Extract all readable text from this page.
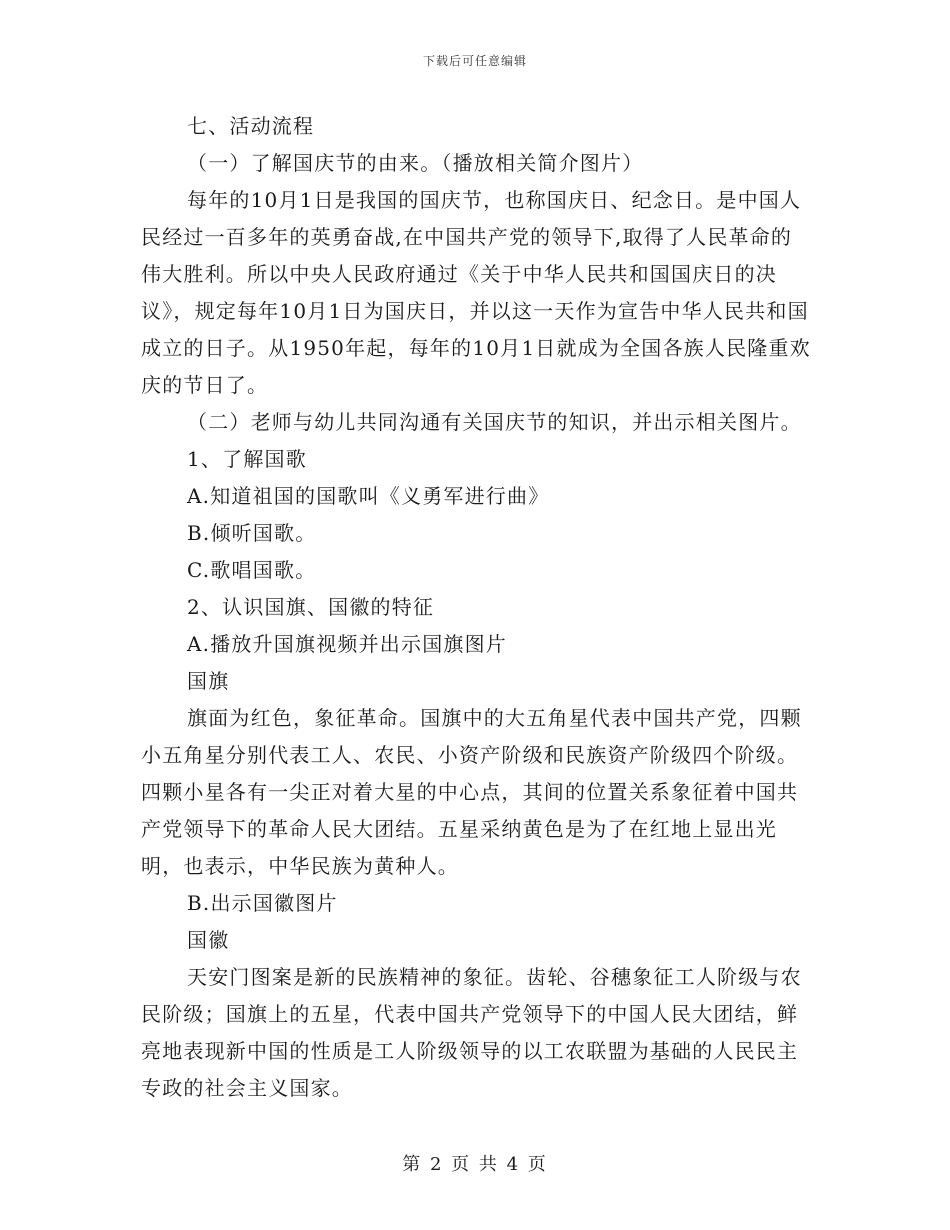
下载后可任意编辑

七、活动流程

（一）了解国庆节的由来。（播放相关简介图片）

每年的10月1日是我国的国庆节，也称国庆日、纪念日。是中国人民经过一百多年的英勇奋战,在中国共产党的领导下,取得了人民革命的伟大胜利。所以中央人民政府通过《关于中华人民共和国国庆日的决议》，规定每年10月1日为国庆日，并以这一天作为宣告中华人民共和国成立的日子。从1950年起，每年的10月1日就成为全国各族人民隆重欢庆的节日了。

（二）老师与幼儿共同沟通有关国庆节的知识，并出示相关图片。

1、了解国歌

A.知道祖国的国歌叫《义勇军进行曲》

B.倾听国歌。

C.歌唱国歌。

2、认识国旗、国徽的特征

A.播放升国旗视频并出示国旗图片

国旗

旗面为红色，象征革命。国旗中的大五角星代表中国共产党，四颗小五角星分别代表工人、农民、小资产阶级和民族资产阶级四个阶级。四颗小星各有一尖正对着大星的中心点，其间的位置关系象征着中国共产党领导下的革命人民大团结。五星采纳黄色是为了在红地上显出光明，也表示，中华民族为黄种人。

B.出示国徽图片

国徽

天安门图案是新的民族精神的象征。齿轮、谷穗象征工人阶级与农民阶级；国旗上的五星，代表中国共产党领导下的中国人民大团结，鲜亮地表现新中国的性质是工人阶级领导的以工农联盟为基础的人民民主专政的社会主义国家。

第 2 页 共 4 页
